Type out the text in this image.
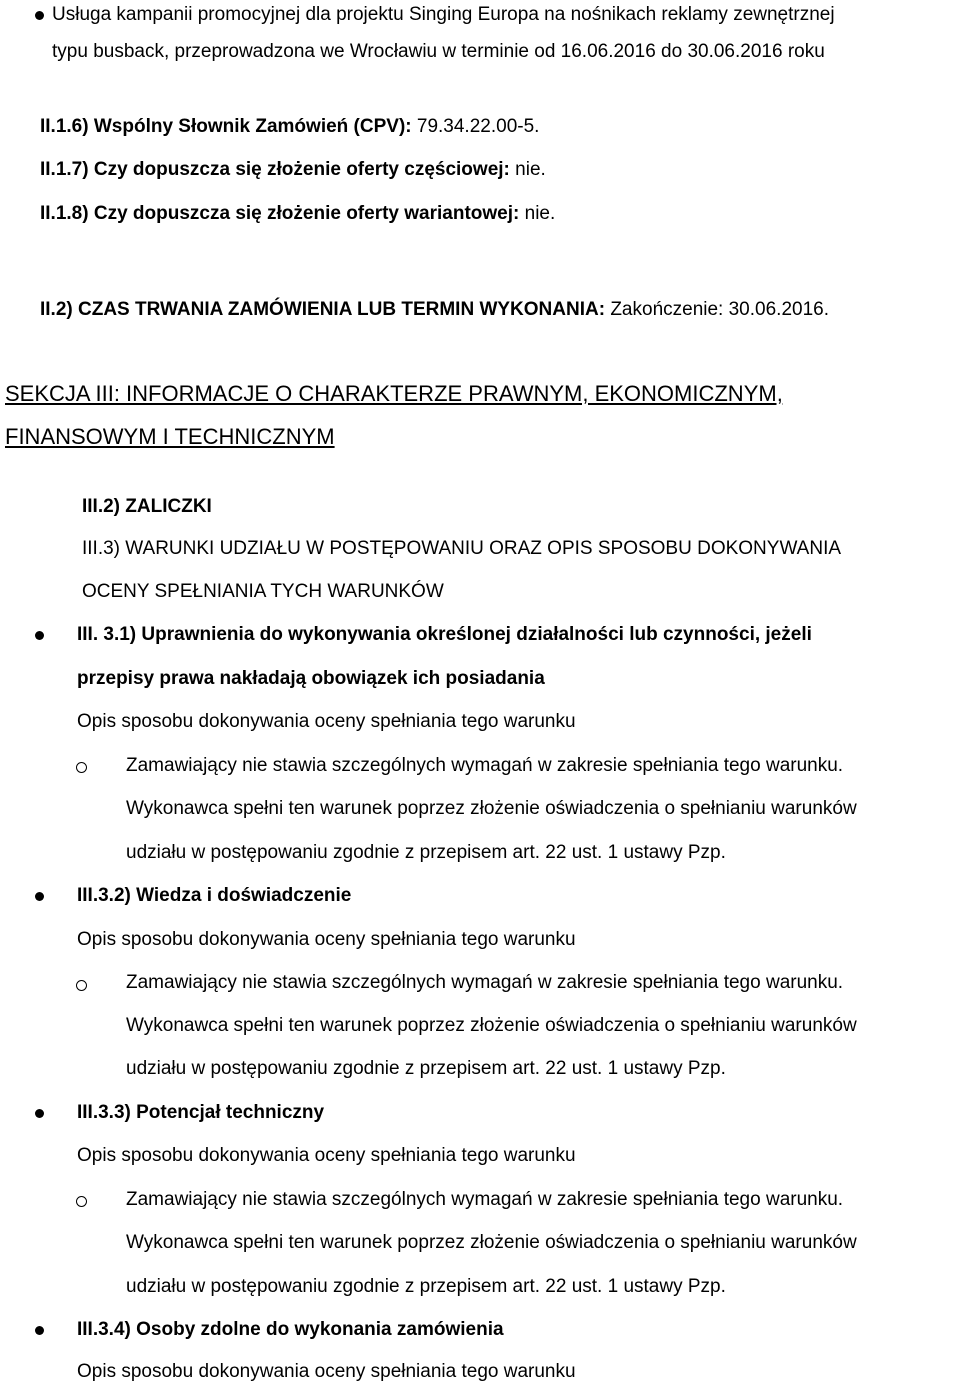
Usługa kampanii promocyjnej dla projektu Singing Europa na nośnikach reklamy zewnętrznej
typu busback, przeprowadzona we Wrocławiu w terminie od 16.06.2016 do 30.06.2016 roku
II.1.6) Wspólny Słownik Zamówień (CPV): 79.34.22.00-5.
II.1.7) Czy dopuszcza się złożenie oferty częściowej: nie.
II.1.8) Czy dopuszcza się złożenie oferty wariantowej: nie.
II.2) CZAS TRWANIA ZAMÓWIENIA LUB TERMIN WYKONANIA: Zakończenie: 30.06.2016.
SEKCJA III: INFORMACJE O CHARAKTERZE PRAWNYM, EKONOMICZNYM,
FINANSOWYM I TECHNICZNYM
III.2) ZALICZKI
III.3) WARUNKI UDZIAŁU W POSTĘPOWANIU ORAZ OPIS SPOSOBU DOKONYWANIA
OCENY SPEŁNIANIA TYCH WARUNKÓW
III. 3.1) Uprawnienia do wykonywania określonej działalności lub czynności, jeżeli
przepisy prawa nakładają obowiązek ich posiadania
Opis sposobu dokonywania oceny spełniania tego warunku
Zamawiający nie stawia szczególnych wymagań w zakresie spełniania tego warunku.
Wykonawca spełni ten warunek poprzez złożenie oświadczenia o spełnianiu warunków
udziału w postępowaniu zgodnie z przepisem art. 22 ust. 1 ustawy Pzp.
III.3.2) Wiedza i doświadczenie
Opis sposobu dokonywania oceny spełniania tego warunku
Zamawiający nie stawia szczególnych wymagań w zakresie spełniania tego warunku.
Wykonawca spełni ten warunek poprzez złożenie oświadczenia o spełnianiu warunków
udziału w postępowaniu zgodnie z przepisem art. 22 ust. 1 ustawy Pzp.
III.3.3) Potencjał techniczny
Opis sposobu dokonywania oceny spełniania tego warunku
Zamawiający nie stawia szczególnych wymagań w zakresie spełniania tego warunku.
Wykonawca spełni ten warunek poprzez złożenie oświadczenia o spełnianiu warunków
udziału w postępowaniu zgodnie z przepisem art. 22 ust. 1 ustawy Pzp.
III.3.4) Osoby zdolne do wykonania zamówienia
Opis sposobu dokonywania oceny spełniania tego warunku
